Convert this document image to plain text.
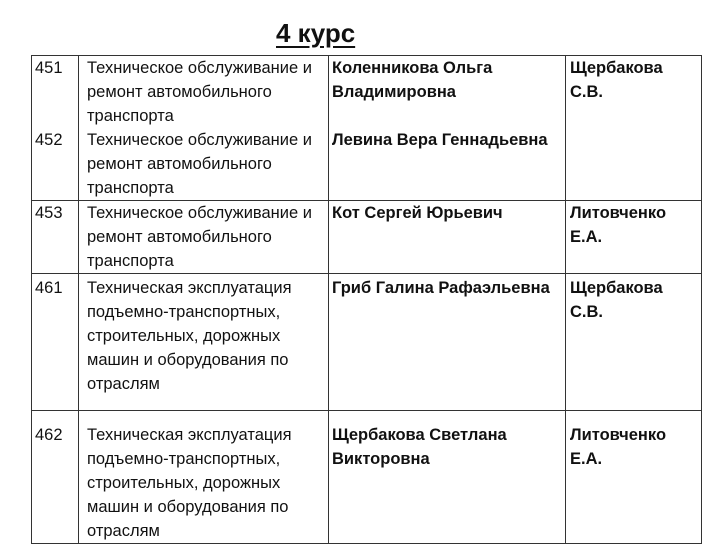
4 курс
451	Техническое обслуживание и ремонт автомобильного транспорта	Коленникова Ольга Владимировна	Щербакова С.В.
452	Техническое обслуживание и ремонт автомобильного транспорта	Левина Вера Геннадьевна	
453	Техническое обслуживание и ремонт автомобильного транспорта	Кот Сергей Юрьевич	Литовченко Е.А.
461	Техническая эксплуатация подъемно-транспортных, строительных, дорожных машин и оборудования по отраслям	Гриб Галина Рафаэльевна	Щербакова С.В.
462	Техническая эксплуатация подъемно-транспортных, строительных, дорожных машин и оборудования по отраслям	Щербакова Светлана Викторовна	Литовченко Е.А.
